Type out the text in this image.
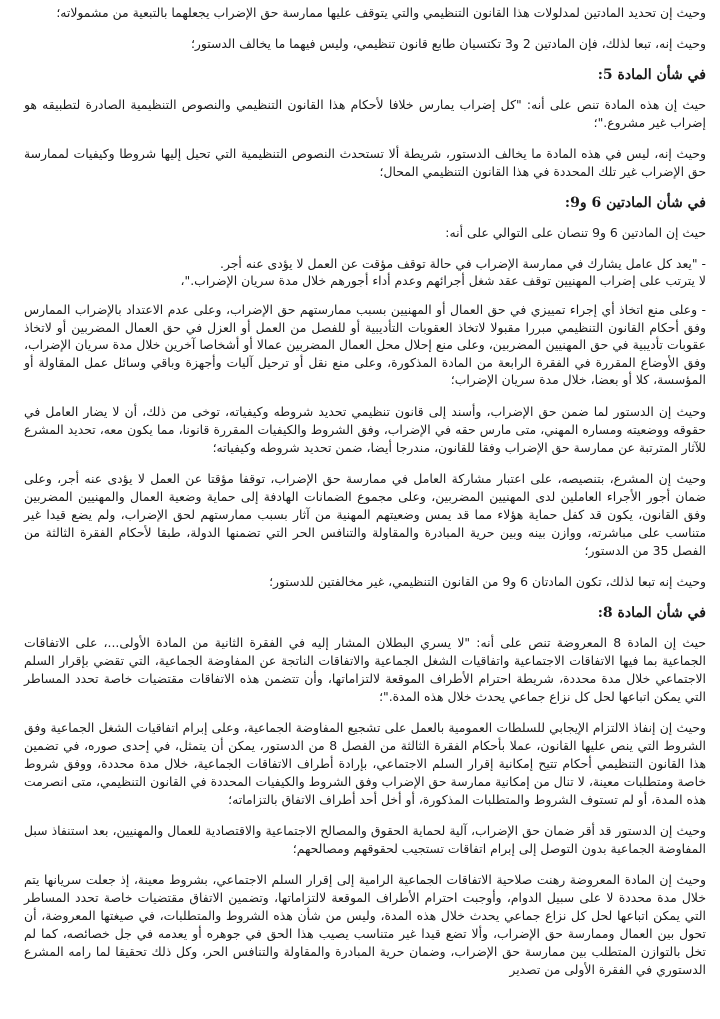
وحيث إن تحديد المادتين لمدلولات هذا القانون التنظيمي والتي يتوقف عليها ممارسة حق الإضراب يجعلهما بالتبعية من مشمولاته؛

وحيث إنه، تبعا لذلك، فإن المادتين 2 و3 تكتسيان طابع قانون تنظيمي، وليس فيهما ما يخالف الدستور؛

في شأن المادة 5:

حيث إن هذه المادة تنص على أنه: "كل إضراب يمارس خلافا لأحكام هذا القانون التنظيمي والنصوص التنظيمية الصادرة لتطبيقه هو إضراب غير مشروع."؛

وحيث إنه، ليس في هذه المادة ما يخالف الدستور، شريطة ألا تستحدث النصوص التنظيمية التي تحيل إليها شروطا وكيفيات لممارسة حق الإضراب غير تلك المحددة في هذا القانون التنظيمي المحال؛

في شأن المادتين 6 و9:

حيث إن المادتين 6 و9 تنصان على التوالي على أنه:

- "يعد كل عامل يشارك في ممارسة الإضراب في حالة توقف مؤقت عن العمل لا يؤدى عنه أجر.
لا يترتب على إضراب المهنيين توقف عقد شغل أجرائهم وعدم أداء أجورهم خلال مدة سريان الإضراب."،

- وعلى منع اتخاذ أي إجراء تمييزي في حق العمال أو المهنيين بسبب ممارستهم حق الإضراب، وعلى عدم الاعتداد بالإضراب الممارس وفق أحكام القانون التنظيمي مبررا مقبولا لاتخاذ العقوبات التأديبية أو للفصل من العمل أو العزل في حق العمال المضربين أو لاتخاذ عقوبات تأديبية في حق المهنيين المضربين، وعلى منع إحلال محل العمال المضربين عمالا أو أشخاصا آخرين خلال مدة سريان الإضراب، وفق الأوضاع المقررة في الفقرة الرابعة من المادة المذكورة، وعلى منع نقل أو ترحيل آليات وأجهزة وباقي وسائل عمل المقاولة أو المؤسسة، كلا أو بعضا، خلال مدة سريان الإضراب؛

وحيث إن الدستور لما ضمن حق الإضراب، وأسند إلى قانون تنظيمي تحديد شروطه وكيفياته، توخى من ذلك، أن لا يضار العامل في حقوقه ووضعيته ومساره المهني، متى مارس حقه في الإضراب، وفق الشروط والكيفيات المقررة قانونا، مما يكون معه، تحديد المشرع للآثار المترتبة عن ممارسة حق الإضراب وفقا للقانون، مندرجا أيضا، ضمن تحديد شروطه وكيفياته؛

وحيث إن المشرع، بتنصيصه، على اعتبار مشاركة العامل في ممارسة حق الإضراب، توقفا مؤقتا عن العمل لا يؤدى عنه أجر، وعلى ضمان أجور الأجراء العاملين لدى المهنيين المضربين، وعلى مجموع الضمانات الهادفة إلى حماية وضعية العمال والمهنيين المضربين وفق القانون، يكون قد كفل حماية هؤلاء مما قد يمس وضعيتهم المهنية من آثار بسبب ممارستهم لحق الإضراب، ولم يضع قيدا غير متناسب على مباشرته، ووازن بينه وبين حرية المبادرة والمقاولة والتنافس الحر التي تضمنها الدولة، طبقا لأحكام الفقرة الثالثة من الفصل 35 من الدستور؛

وحيث إنه تبعا لذلك، تكون المادتان 6 و9 من القانون التنظيمي، غير مخالفتين للدستور؛

في شأن المادة 8:

حيث إن المادة 8 المعروضة تنص على أنه: "لا يسري البطلان المشار إليه في الفقرة الثانية من المادة الأولى...، على الاتفاقات الجماعية بما فيها الاتفاقات الاجتماعية واتفاقيات الشغل الجماعية والاتفاقات الناتجة عن المفاوضة الجماعية، التي تقضي بإقرار السلم الاجتماعي خلال مدة محددة، شريطة احترام الأطراف الموقعة لالتزاماتها، وأن تتضمن هذه الاتفاقات مقتضيات خاصة تحدد المساطر التي يمكن اتباعها لحل كل نزاع جماعي يحدث خلال هذه المدة."؛

وحيث إن إنفاذ الالتزام الإيجابي للسلطات العمومية بالعمل على تشجيع المفاوضة الجماعية، وعلى إبرام اتفاقيات الشغل الجماعية وفق الشروط التي ينص عليها القانون، عملا بأحكام الفقرة الثالثة من الفصل 8 من الدستور، يمكن أن يتمثل، في إحدى صوره، في تضمين هذا القانون التنظيمي أحكام تتيح إمكانية إقرار السلم الاجتماعي، بإرادة أطراف الاتفاقات الجماعية، خلال مدة محددة، ووفق شروط خاصة ومتطلبات معينة، لا تنال من إمكانية ممارسة حق الإضراب وفق الشروط والكيفيات المحددة في القانون التنظيمي، متى انصرمت هذه المدة، أو لم تستوف الشروط والمتطلبات المذكورة، أو أخل أحد أطراف الاتفاق بالتزاماته؛

وحيث إن الدستور قد أقر ضمان حق الإضراب، آلية لحماية الحقوق والمصالح الاجتماعية والاقتصادية للعمال والمهنيين، بعد استنفاذ سبل المفاوضة الجماعية بدون التوصل إلى إبرام اتفاقات تستجيب لحقوقهم ومصالحهم؛

وحيث إن المادة المعروضة رهنت صلاحية الاتفاقات الجماعية الرامية إلى إقرار السلم الاجتماعي، بشروط معينة، إذ جعلت سريانها يتم خلال مدة محددة لا على سبيل الدوام، وأوجبت احترام الأطراف الموقعة لالتزاماتها، وتضمين الاتفاق مقتضيات خاصة تحدد المساطر التي يمكن اتباعها لحل كل نزاع جماعي يحدث خلال هذه المدة، وليس من شأن هذه الشروط والمتطلبات، في صيغتها المعروضة، أن تحول بين العمال وممارسة حق الإضراب، وألا تضع قيدا غير متناسب يصيب هذا الحق في جوهره أو يعدمه في جل خصائصه، كما لم تخل بالتوازن المتطلب بين ممارسة حق الإضراب، وضمان حرية المبادرة والمقاولة والتنافس الحر، وكل ذلك تحقيقا لما رامه المشرع الدستوري في الفقرة الأولى من تصدير
